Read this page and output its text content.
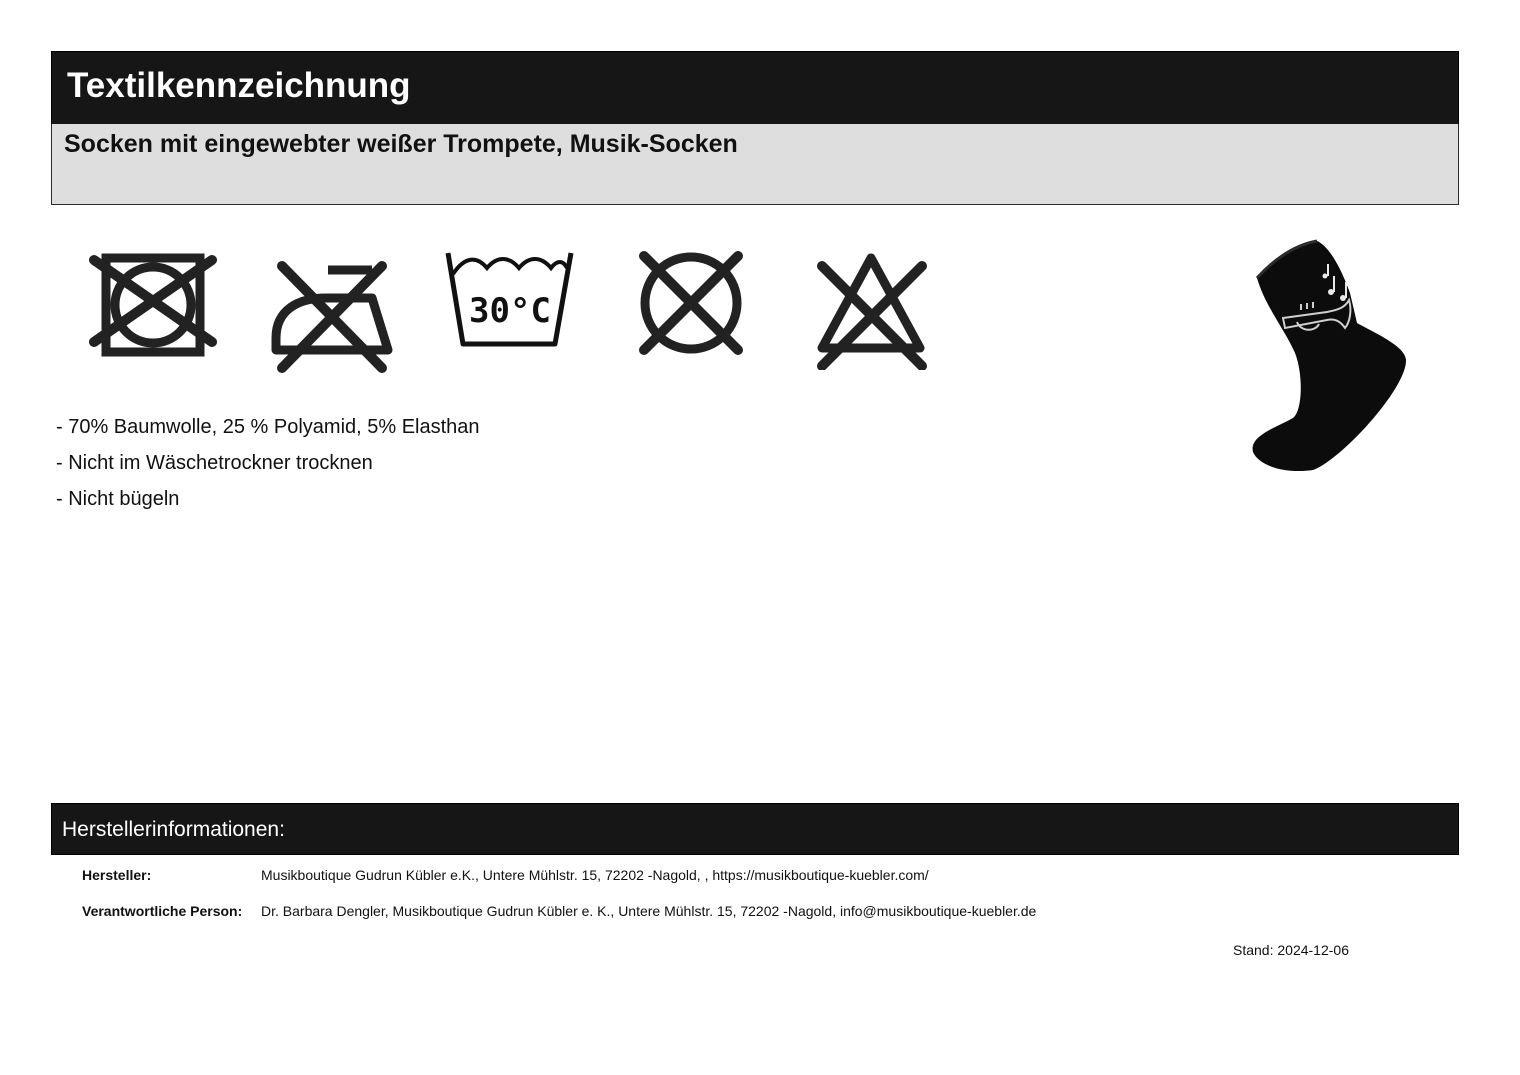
Textilkennzeichnung
Socken mit eingewebter weißer Trompete, Musik-Socken
30°C
- 70% Baumwolle, 25 % Polyamid, 5% Elasthan
- Nicht im Wäschetrockner trocknen
- Nicht bügeln
Herstellerinformationen:
Hersteller:	Musikboutique Gudrun Kübler e.K., Untere Mühlstr. 15, 72202 -Nagold, , https://musikboutique-kuebler.com/
Verantwortliche Person: Dr. Barbara Dengler, Musikboutique Gudrun Kübler e. K., Untere Mühlstr. 15, 72202 -Nagold, info@musikboutique-kuebler.de
Stand: 2024-12-06
